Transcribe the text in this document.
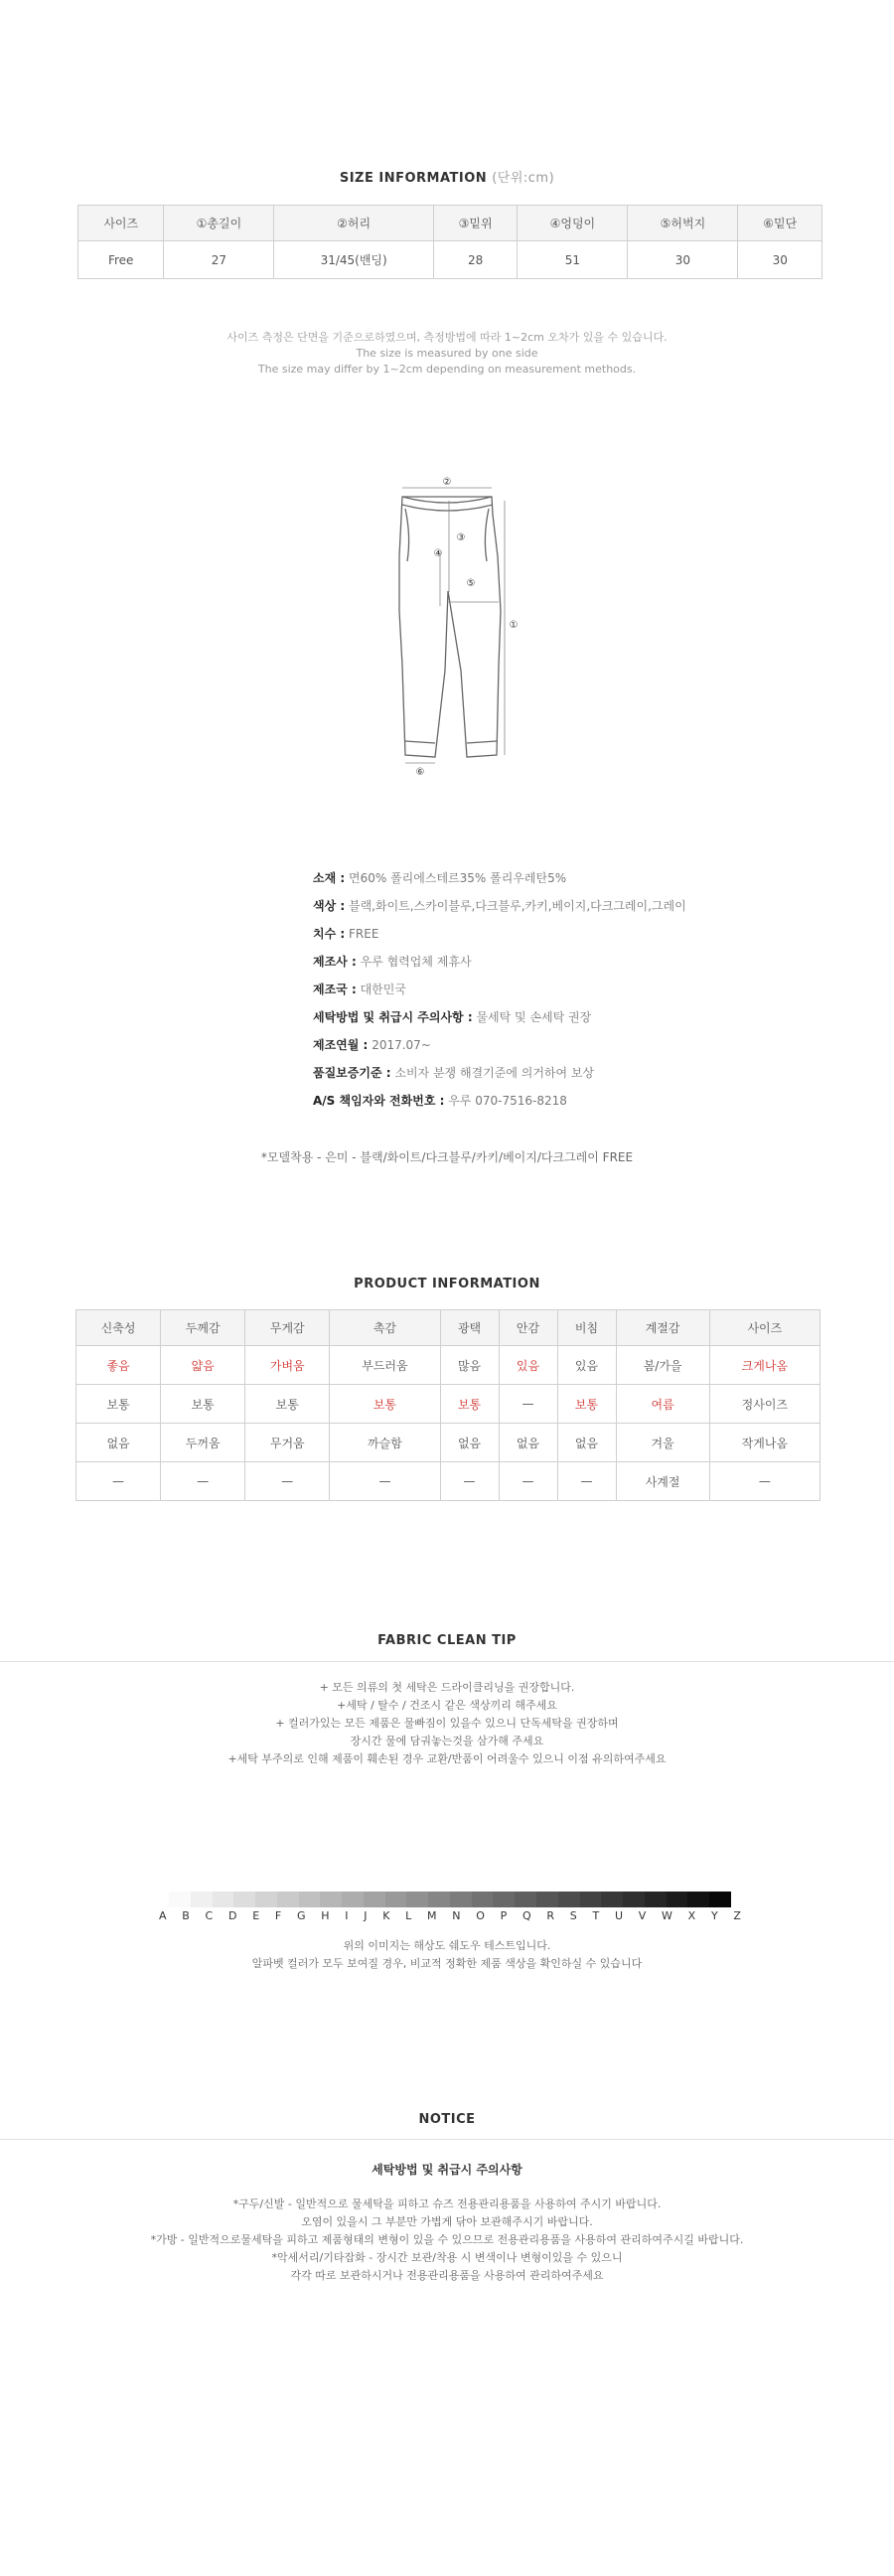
SIZE INFORMATION (단위:cm)
사이즈	①총길이	②허리	③밑위	④엉덩이	⑤허벅지	⑥밑단
Free	27	31/45(밴딩)	28	51	30	30
사이즈 측정은 단면을 기준으로하였으며, 측정방법에 따라 1~2cm 오차가 있을 수 있습니다.
The size is measured by one side
The size may differ by 1~2cm depending on measurement methods.
②
①
③
④
⑤
⑥
소재 : 면60% 폴리에스테르35% 폴리우레탄5%
색상 : 블랙,화이트,스카이블루,다크블루,카키,베이지,다크그레이,그레이
치수 : FREE
제조사 : 우루 협력업체 제휴사
제조국 : 대한민국
세탁방법 및 취급시 주의사항 : 물세탁 및 손세탁 권장
제조연월 : 2017.07~
품질보증기준 : 소비자 분쟁 해결기준에 의거하여 보상
A/S 책임자와 전화번호 : 우루 070-7516-8218
*모델착용 - 은미 - 블랙/화이트/다크블루/카키/베이지/다크그레이 FREE
PRODUCT INFORMATION
신축성	두께감	무게감	촉감	광택	안감	비침	계절감	사이즈
좋음	얇음	가벼움	부드러움	많음	있음	있음	봄/가을	크게나옴
보통	보통	보통	보통	보통	—	보통	여름	정사이즈
없음	두꺼움	무거움	까슬함	없음	없음	없음	겨울	작게나옴
—	—	—	—	—	—	—	사계절	—
FABRIC CLEAN TIP
+ 모든 의류의 첫 세탁은 드라이클리닝을 권장합니다.
+세탁 / 탈수 / 건조시 같은 색상끼리 해주세요
+ 컬러가있는 모든 제품은 물빠짐이 있을수 있으니 단독세탁을 권장하며
장시간 물에 담궈놓는것을 삼가해 주세요
+세탁 부주의로 인해 제품이 훼손된 경우 교환/반품이 어려울수 있으니 이점 유의하여주세요
A B C D E F G H I J K L M N O P Q R S T U V W X Y Z
위의 이미지는 해상도 쉐도우 테스트입니다.
알파벳 컬러가 모두 보여질 경우, 비교적 정확한 제품 색상을 확인하실 수 있습니다
NOTICE
세탁방법 및 취급시 주의사항
*구두/신발 - 일반적으로 물세탁을 피하고 슈즈 전용관리용품을 사용하여 주시기 바랍니다.
오염이 있을시 그 부분만 가볍게 닦아 보관해주시기 바랍니다.
*가방 - 일반적으로물세탁을 피하고 제품형태의 변형이 있을 수 있으므로 전용관리용품을 사용하여 관리하여주시길 바랍니다.
*악세서리/기타잡화 - 장시간 보관/착용 시 변색이나 변형이있을 수 있으니
각각 따로 보관하시거나 전용관리용품을 사용하여 관리하여주세요
